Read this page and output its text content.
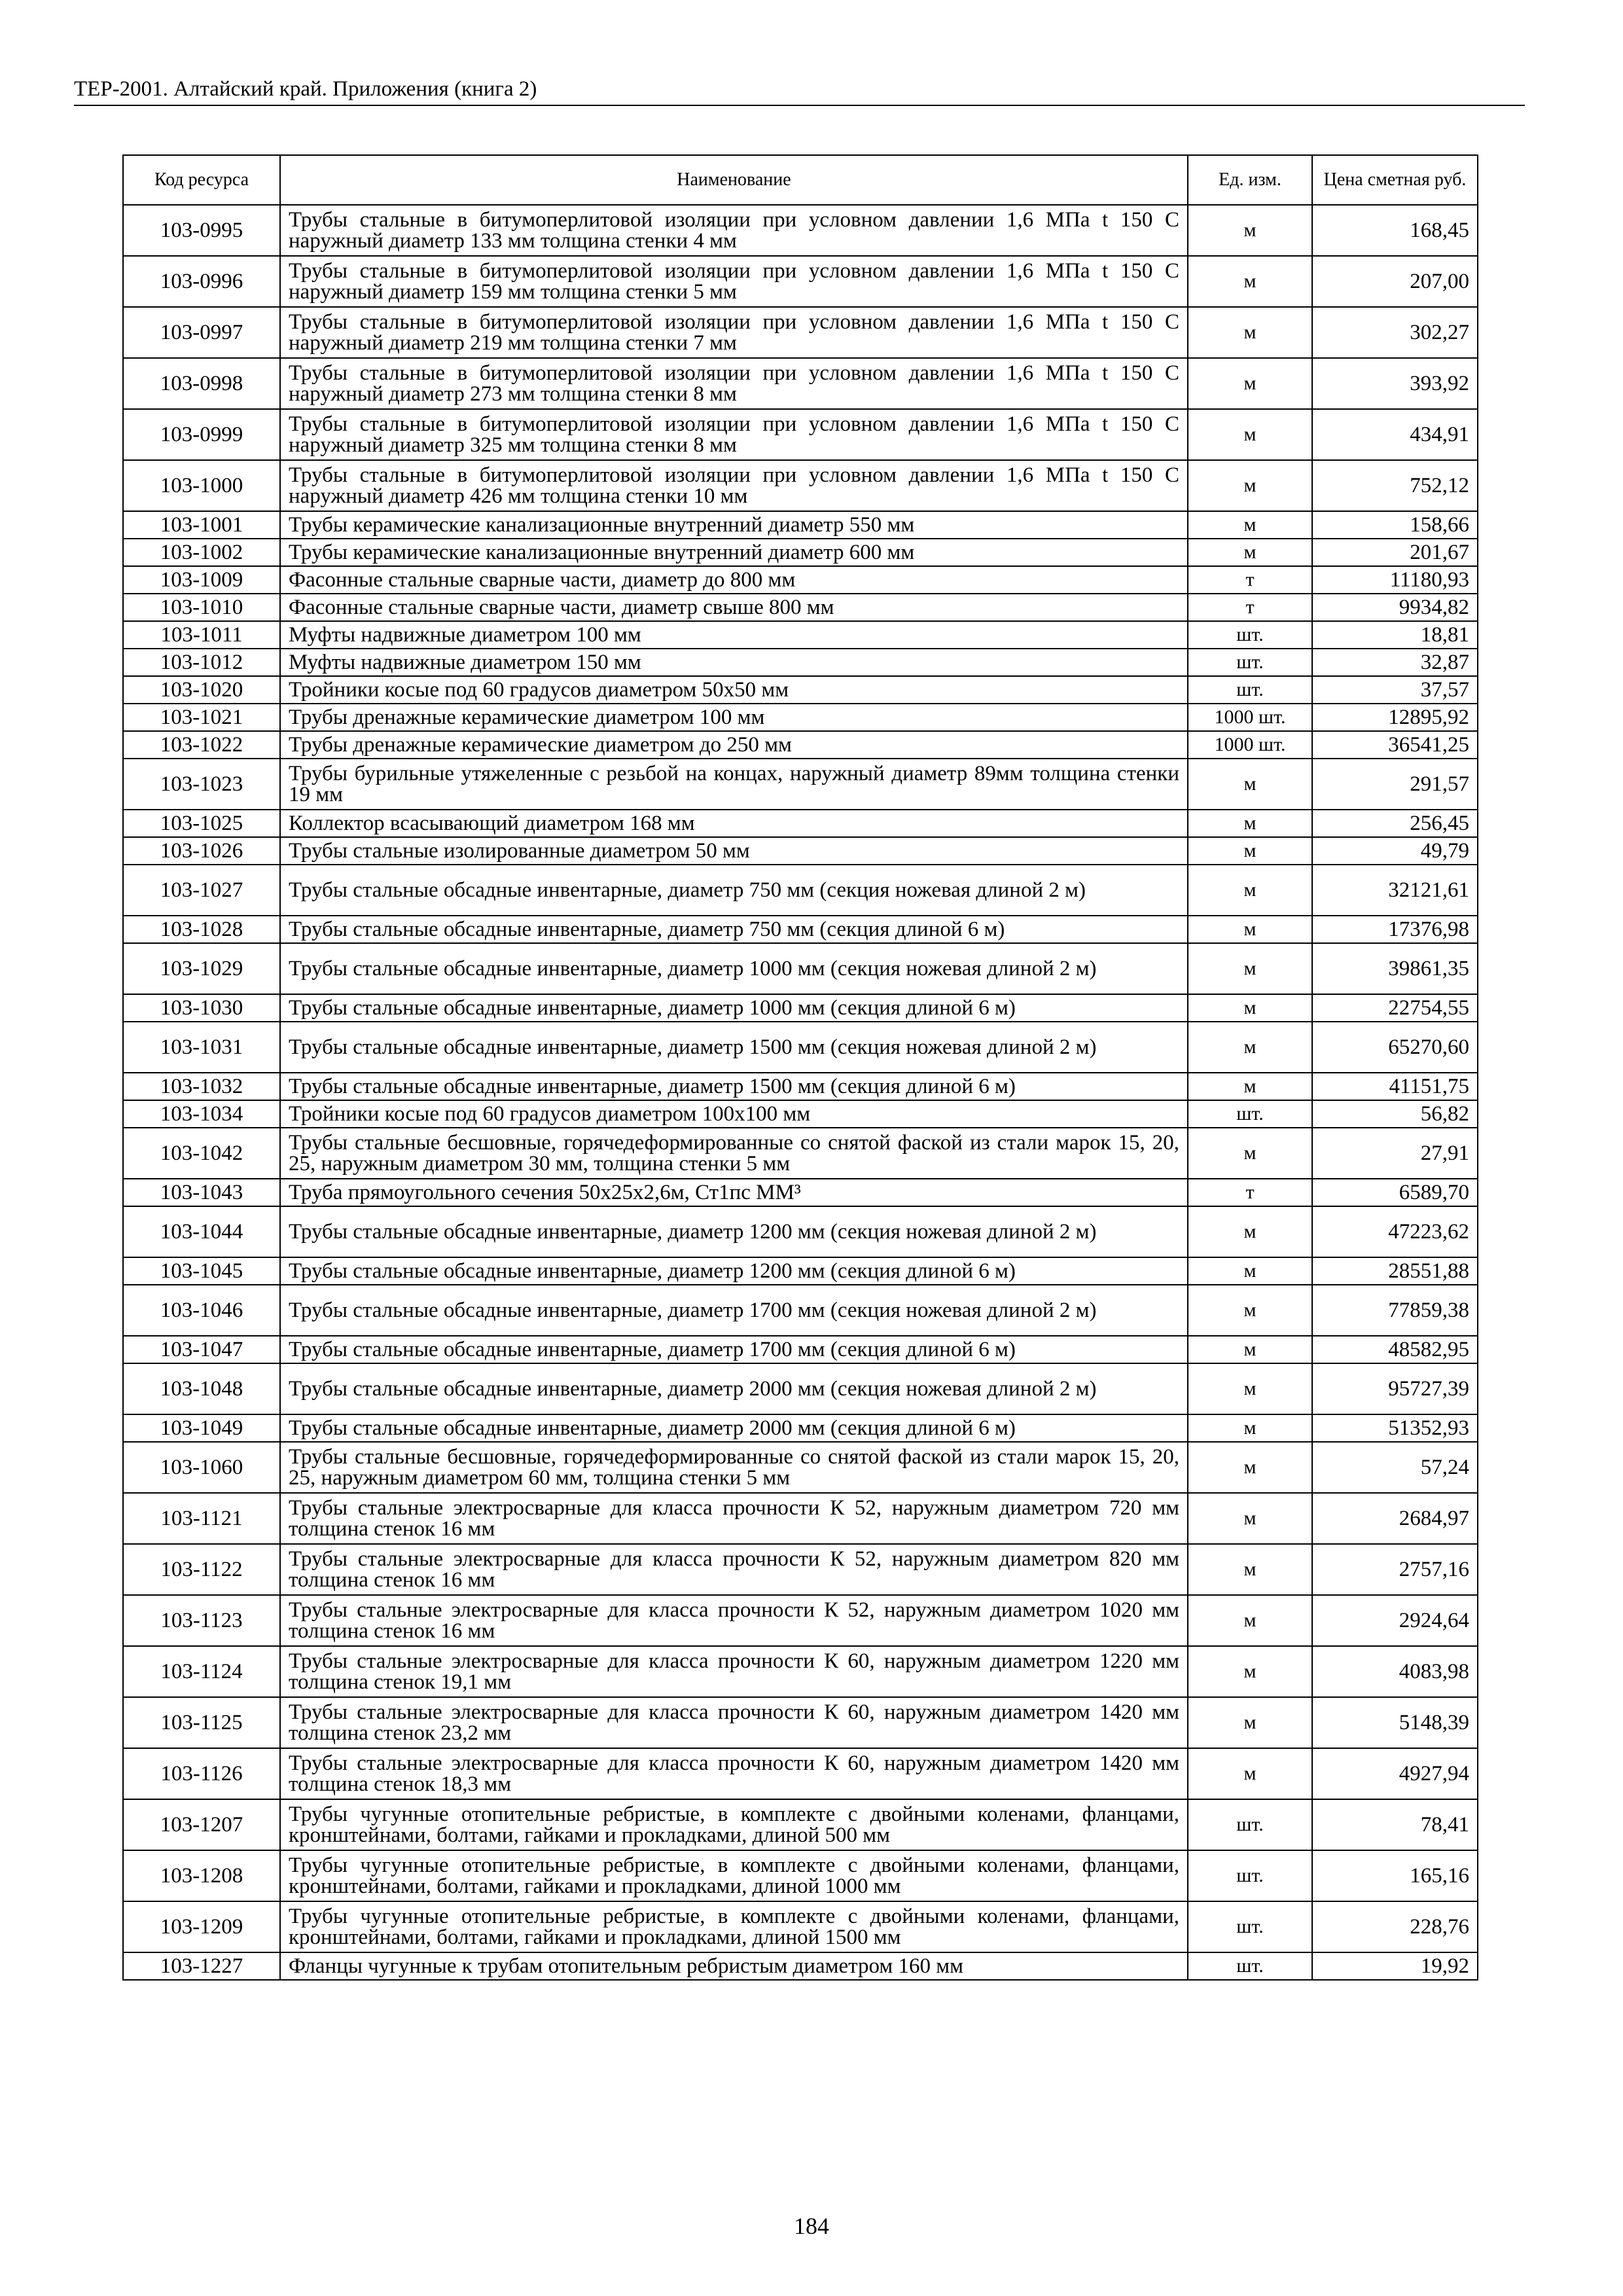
ТЕР-2001. Алтайский край. Приложения (книга 2)
Код ресурса	Наименование	Ед. изм.	Цена сметная руб.
103-0995	Трубы стальные в битумоперлитовой изоляции при условном давлении 1,6 МПа t 150 С наружный диаметр 133 мм толщина стенки 4 мм	м	168,45
103-0996	Трубы стальные в битумоперлитовой изоляции при условном давлении 1,6 МПа t 150 С наружный диаметр 159 мм толщина стенки 5 мм	м	207,00
103-0997	Трубы стальные в битумоперлитовой изоляции при условном давлении 1,6 МПа t 150 С наружный диаметр 219 мм толщина стенки 7 мм	м	302,27
103-0998	Трубы стальные в битумоперлитовой изоляции при условном давлении 1,6 МПа t 150 С наружный диаметр 273 мм толщина стенки 8 мм	м	393,92
103-0999	Трубы стальные в битумоперлитовой изоляции при условном давлении 1,6 МПа t 150 С наружный диаметр 325 мм толщина стенки 8 мм	м	434,91
103-1000	Трубы стальные в битумоперлитовой изоляции при условном давлении 1,6 МПа t 150 С наружный диаметр 426 мм толщина стенки 10 мм	м	752,12
103-1001	Трубы керамические канализационные внутренний диаметр 550 мм	м	158,66
103-1002	Трубы керамические канализационные внутренний диаметр 600 мм	м	201,67
103-1009	Фасонные стальные сварные части, диаметр до 800 мм	т	11180,93
103-1010	Фасонные стальные сварные части, диаметр свыше 800 мм	т	9934,82
103-1011	Муфты надвижные диаметром 100 мм	шт.	18,81
103-1012	Муфты надвижные диаметром 150 мм	шт.	32,87
103-1020	Тройники косые под 60 градусов диаметром 50х50 мм	шт.	37,57
103-1021	Трубы дренажные керамические диаметром 100 мм	1000 шт.	12895,92
103-1022	Трубы дренажные керамические диаметром до 250 мм	1000 шт.	36541,25
103-1023	Трубы бурильные утяжеленные с резьбой на концах, наружный диаметр 89мм толщина стенки 19 мм	м	291,57
103-1025	Коллектор всасывающий диаметром 168 мм	м	256,45
103-1026	Трубы стальные изолированные диаметром 50 мм	м	49,79
103-1027	Трубы стальные обсадные инвентарные, диаметр 750 мм (секция ножевая длиной 2 м)	м	32121,61
103-1028	Трубы стальные обсадные инвентарные, диаметр 750 мм (секция длиной 6 м)	м	17376,98
103-1029	Трубы стальные обсадные инвентарные, диаметр 1000 мм (секция ножевая длиной 2 м)	м	39861,35
103-1030	Трубы стальные обсадные инвентарные, диаметр 1000 мм (секция длиной 6 м)	м	22754,55
103-1031	Трубы стальные обсадные инвентарные, диаметр 1500 мм (секция ножевая длиной 2 м)	м	65270,60
103-1032	Трубы стальные обсадные инвентарные, диаметр 1500 мм (секция длиной 6 м)	м	41151,75
103-1034	Тройники косые под 60 градусов диаметром 100х100 мм	шт.	56,82
103-1042	Трубы стальные бесшовные, горячедеформированные со снятой фаской из стали марок 15, 20, 25, наружным диаметром 30 мм, толщина стенки 5 мм	м	27,91
103-1043	Труба прямоугольного сечения 50х25х2,6м, Ст1пс ММ³	т	6589,70
103-1044	Трубы стальные обсадные инвентарные, диаметр 1200 мм (секция ножевая длиной 2 м)	м	47223,62
103-1045	Трубы стальные обсадные инвентарные, диаметр 1200 мм (секция длиной 6 м)	м	28551,88
103-1046	Трубы стальные обсадные инвентарные, диаметр 1700 мм (секция ножевая длиной 2 м)	м	77859,38
103-1047	Трубы стальные обсадные инвентарные, диаметр 1700 мм (секция длиной 6 м)	м	48582,95
103-1048	Трубы стальные обсадные инвентарные, диаметр 2000 мм (секция ножевая длиной 2 м)	м	95727,39
103-1049	Трубы стальные обсадные инвентарные, диаметр 2000 мм (секция длиной 6 м)	м	51352,93
103-1060	Трубы стальные бесшовные, горячедеформированные со снятой фаской из стали марок 15, 20, 25, наружным диаметром 60 мм, толщина стенки 5 мм	м	57,24
103-1121	Трубы стальные электросварные для класса прочности К 52, наружным диаметром 720 мм толщина стенок 16 мм	м	2684,97
103-1122	Трубы стальные электросварные для класса прочности К 52, наружным диаметром 820 мм толщина стенок 16 мм	м	2757,16
103-1123	Трубы стальные электросварные для класса прочности К 52, наружным диаметром 1020 мм толщина стенок 16 мм	м	2924,64
103-1124	Трубы стальные электросварные для класса прочности К 60, наружным диаметром 1220 мм толщина стенок 19,1 мм	м	4083,98
103-1125	Трубы стальные электросварные для класса прочности К 60, наружным диаметром 1420 мм толщина стенок 23,2 мм	м	5148,39
103-1126	Трубы стальные электросварные для класса прочности К 60, наружным диаметром 1420 мм толщина стенок 18,3 мм	м	4927,94
103-1207	Трубы чугунные отопительные ребристые, в комплекте с двойными коленами, фланцами, кронштейнами, болтами, гайками и прокладками, длиной 500 мм	шт.	78,41
103-1208	Трубы чугунные отопительные ребристые, в комплекте с двойными коленами, фланцами, кронштейнами, болтами, гайками и прокладками, длиной 1000 мм	шт.	165,16
103-1209	Трубы чугунные отопительные ребристые, в комплекте с двойными коленами, фланцами, кронштейнами, болтами, гайками и прокладками, длиной 1500 мм	шт.	228,76
103-1227	Фланцы чугунные к трубам отопительным ребристым диаметром 160 мм	шт.	19,92
184
